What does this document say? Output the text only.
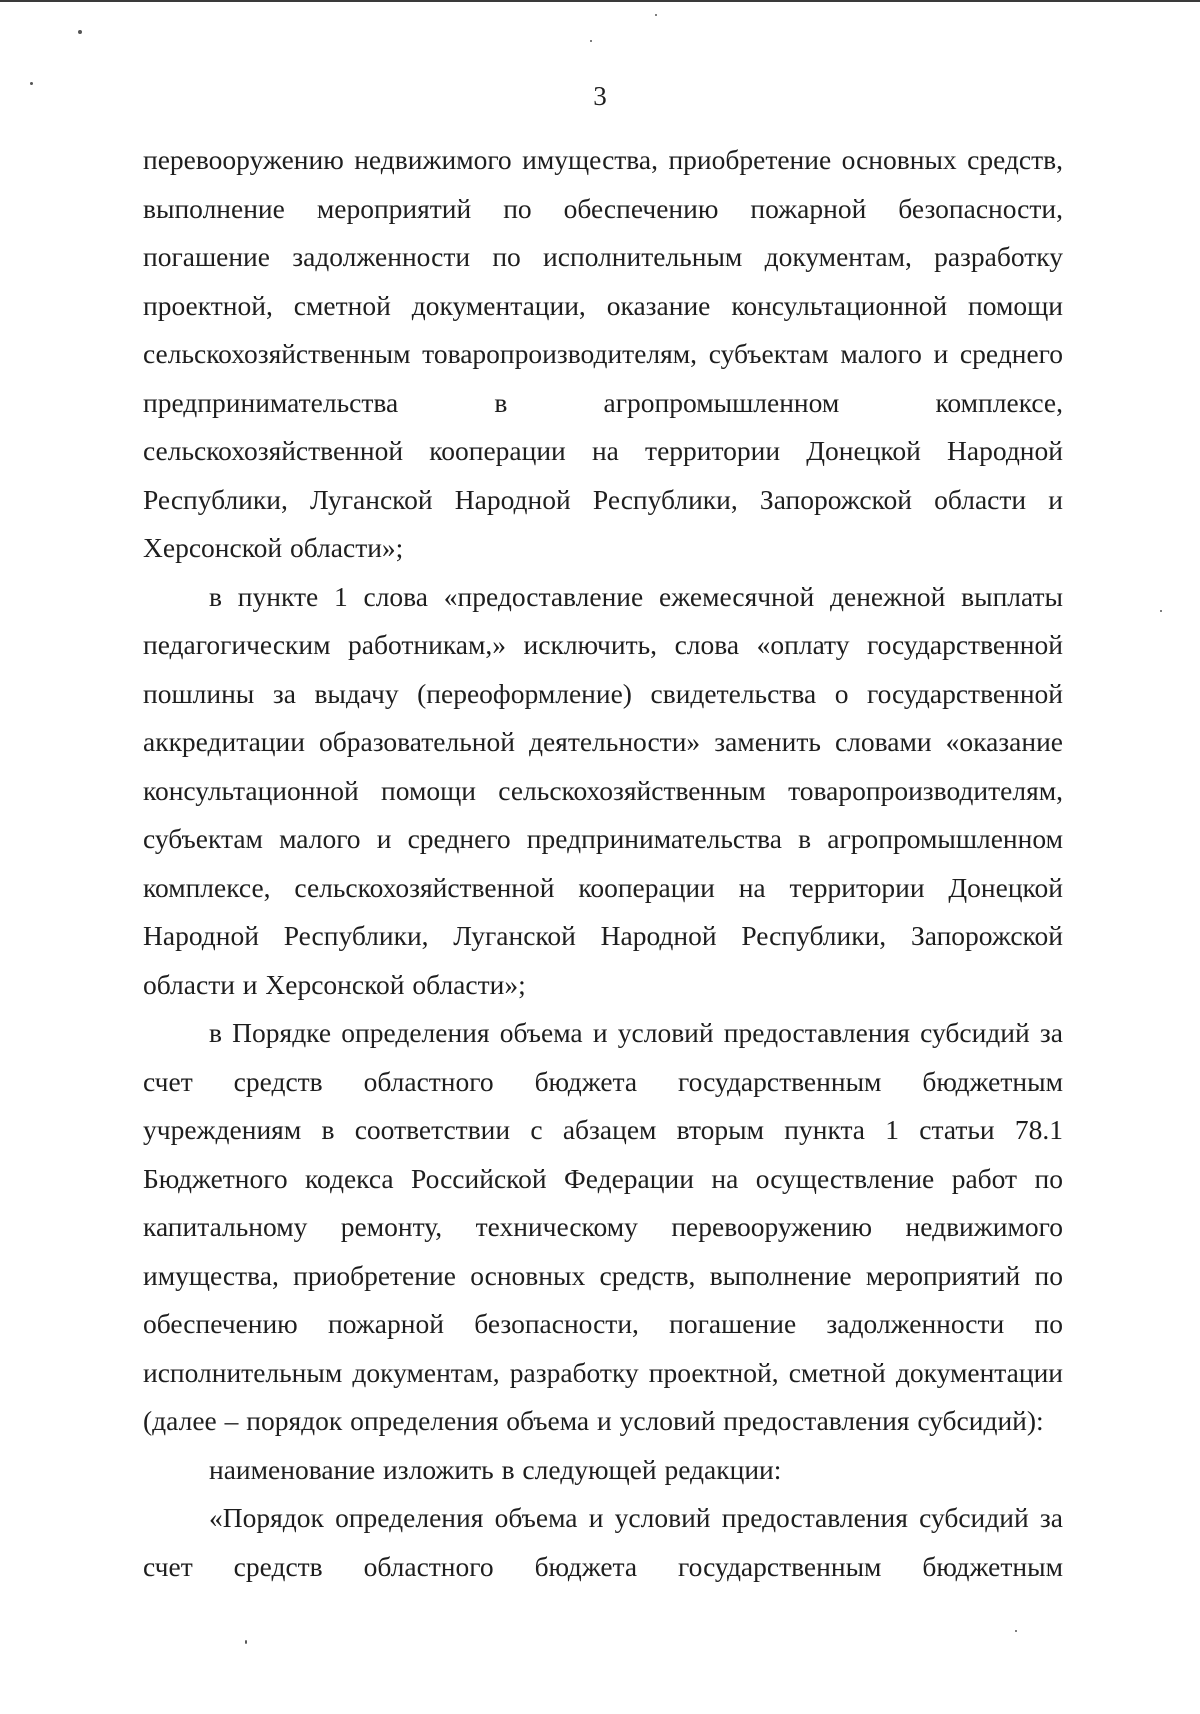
3

перевооружению недвижимого имущества, приобретение основных средств, выполнение мероприятий по обеспечению пожарной безопасности, погашение задолженности по исполнительным документам, разработку проектной, сметной документации, оказание консультационной помощи сельскохозяйственным товаропроизводителям, субъектам малого и среднего предпринимательства в агропромышленном комплексе, сельскохозяйственной кооперации на территории Донецкой Народной Республики, Луганской Народной Республики, Запорожской области и Херсонской области»;

в пункте 1 слова «предоставление ежемесячной денежной выплаты педагогическим работникам,» исключить, слова «оплату государственной пошлины за выдачу (переоформление) свидетельства о государственной аккредитации образовательной деятельности» заменить словами «оказание консультационной помощи сельскохозяйственным товаропроизводителям, субъектам малого и среднего предпринимательства в агропромышленном комплексе, сельскохозяйственной кооперации на территории Донецкой Народной Республики, Луганской Народной Республики, Запорожской области и Херсонской области»;

в Порядке определения объема и условий предоставления субсидий за счет средств областного бюджета государственным бюджетным учреждениям в соответствии с абзацем вторым пункта 1 статьи 78.1 Бюджетного кодекса Российской Федерации на осуществление работ по капитальному ремонту, техническому перевооружению недвижимого имущества, приобретение основных средств, выполнение мероприятий по обеспечению пожарной безопасности, погашение задолженности по исполнительным документам, разработку проектной, сметной документации (далее – порядок определения объема и условий предоставления субсидий):

наименование изложить в следующей редакции:

«Порядок определения объема и условий предоставления субсидий за счет средств областного бюджета государственным бюджетным
